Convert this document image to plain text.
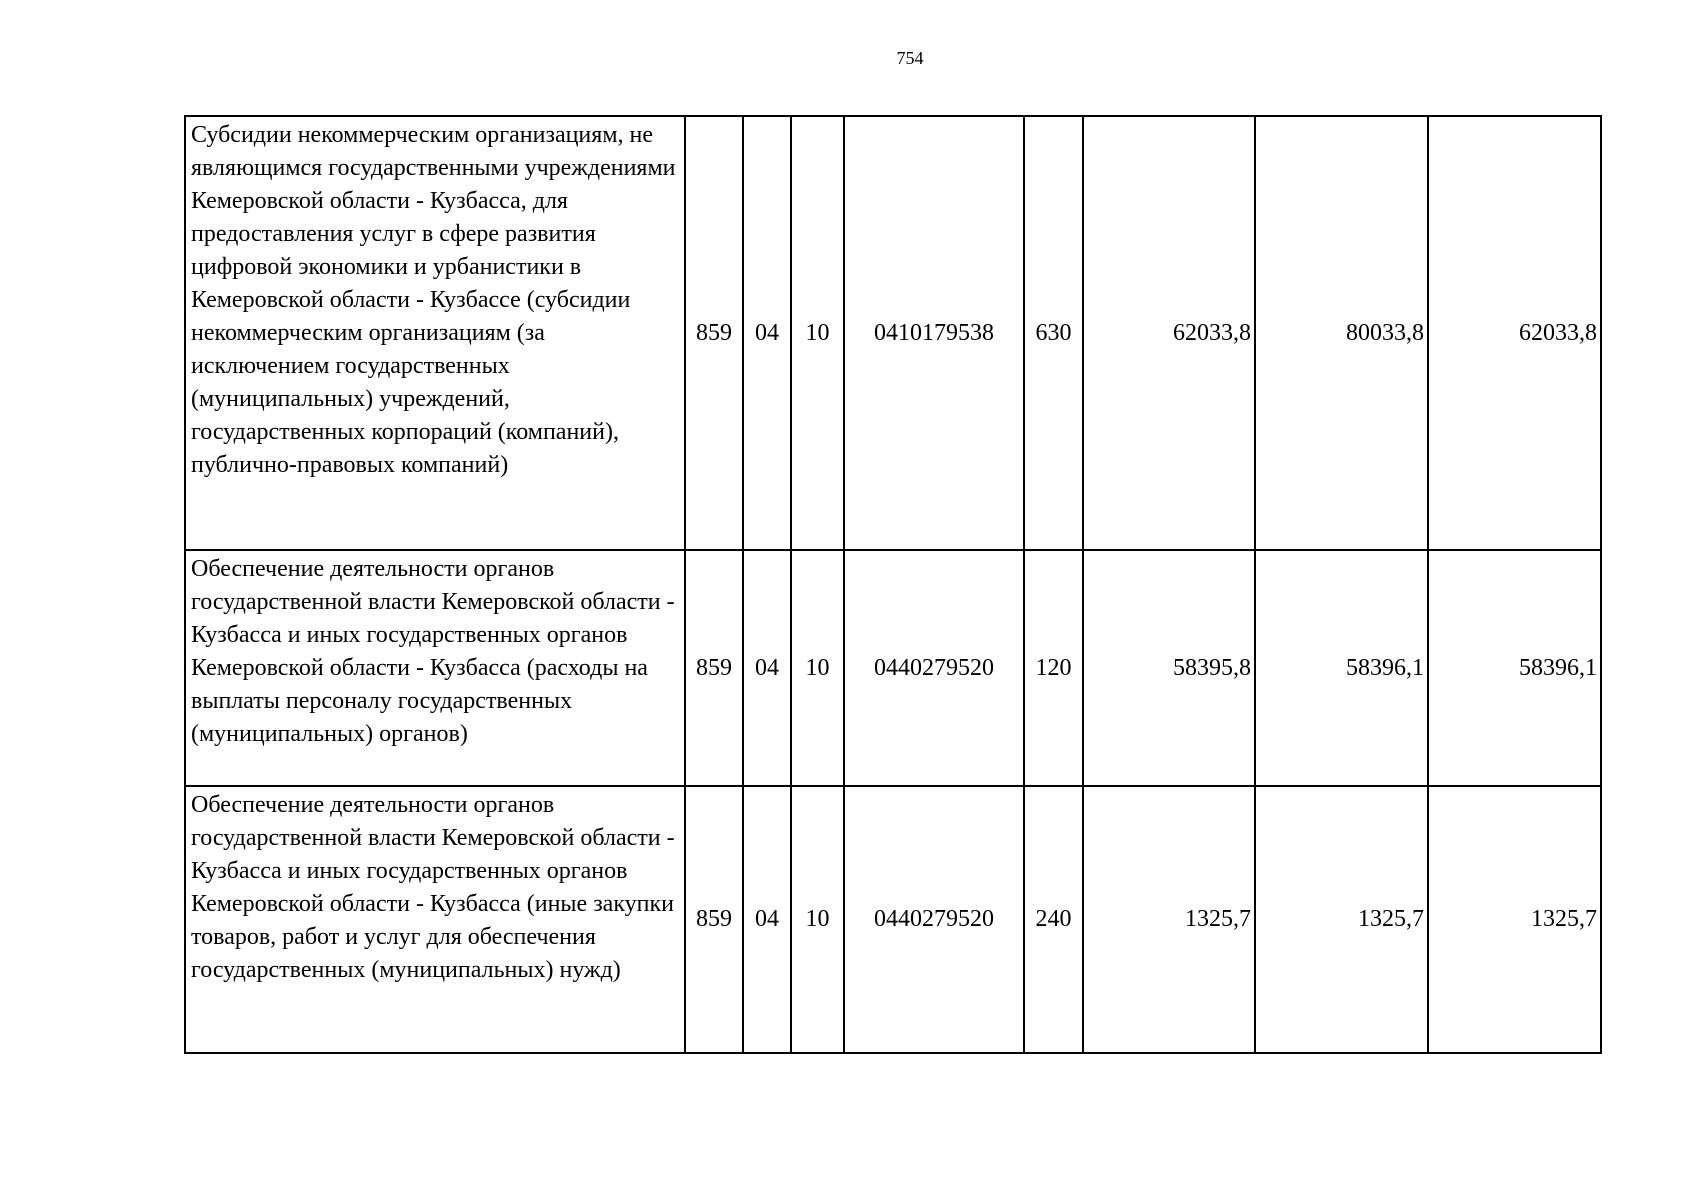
754
Субсидии некоммерческим организациям, не являющимся государственными учреждениями Кемеровской области - Кузбасса, для предоставления услуг в сфере развития цифровой экономики и урбанистики в Кемеровской области - Кузбассе (субсидии некоммерческим организациям (за исключением государственных (муниципальных) учреждений, государственных корпораций (компаний), публично-правовых компаний)	859	04	10	0410179538	630	62033,8	80033,8	62033,8
Обеспечение деятельности органов государственной власти Кемеровской области - Кузбасса и иных государственных органов Кемеровской области - Кузбасса (расходы на выплаты персоналу государственных (муниципальных) органов)	859	04	10	0440279520	120	58395,8	58396,1	58396,1
Обеспечение деятельности органов государственной власти Кемеровской области - Кузбасса и иных государственных органов Кемеровской области - Кузбасса (иные закупки товаров, работ и услуг для обеспечения государственных (муниципальных) нужд)	859	04	10	0440279520	240	1325,7	1325,7	1325,7
